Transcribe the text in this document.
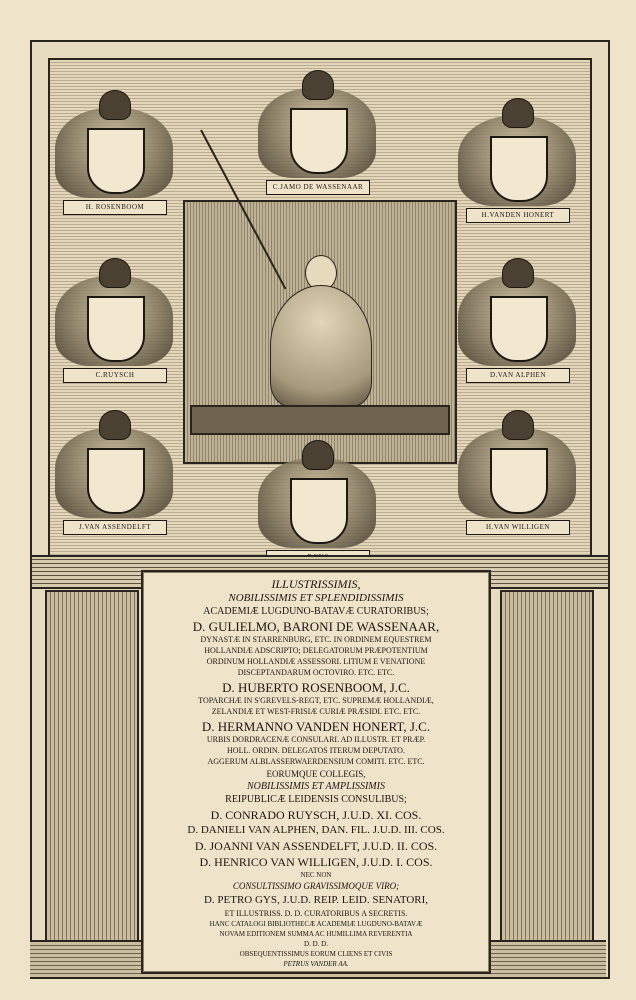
H. ROSENBOOM
C.JAMO DE WASSENAAR
H.VANDEN HONERT
C.RUYSCH	D.VAN ALPHEN
J.VAN ASSENDELFT	H.VAN WILLIGEN
ILLUSTRISSIMIS,
NOBILISSIMIS ET SPLENDIDISSIMIS
ACADEMIÆ LUGDUNO-BATAVÆ CURATORIBUS;
D. GULIELMO, BARONI DE WASSENAAR,
DYNASTÆ IN STARRENBURG, ETC. IN ORDINEM EQUESTREM
HOLLANDIÆ ADSCRIPTO; DELEGATORUM PRÆPOTENTIUM
ORDINUM HOLLANDIÆ ASSESSORI. LITIUM E VENATIONE
DISCEPTANDARUM OCTOVIRO. ETC. ETC.
D. HUBERTO ROSENBOOM, J.C.
TOPARCHÆ IN S'GREVELS-REGT, ETC. SUPREMÆ HOLLANDIÆ,
ZELANDIÆ ET WEST-FRISIÆ CURIÆ PRÆSIDI. ETC. ETC.
D. HERMANNO VANDEN HONERT, J.C.
URBIS DORDRACENÆ CONSULARI. AD ILLUSTR. ET PRÆP.
HOLL. ORDIN. DELEGATOS ITERUM DEPUTATO.
AGGERUM ALBLASSERWAERDENSIUM COMITI. ETC. ETC.
EORUMQUE COLLEGIS,
NOBILISSIMIS ET AMPLISSIMIS
REIPUBLICÆ LEIDENSIS CONSULIBUS;
D. CONRADO RUYSCH, J.U.D. XI. COS.
D. DANIELI VAN ALPHEN, DAN. FIL. J.U.D. III. COS.
D. JOANNI VAN ASSENDELFT, J.U.D. II. COS.
D. HENRICO VAN WILLIGEN, J.U.D. I. COS.
NEC NON
CONSULTISSIMO GRAVISSIMOQUE VIRO;
D. PETRO GYS, J.U.D. REIP. LEID. SENATORI,
ET ILLUSTRISS. D. D. CURATORIBUS A SECRETIS.
HANC CATALOGI BIBLIOTHECÆ ACADEMIÆ LUGDUNO-BATAVÆ
NOVAM EDITIONEM SUMMA AC HUMILLIMA REVERENTIA
D. D. D.
OBSEQUENTISSIMUS EORUM CLIENS ET CIVIS
PETRUS VANDER AA.
